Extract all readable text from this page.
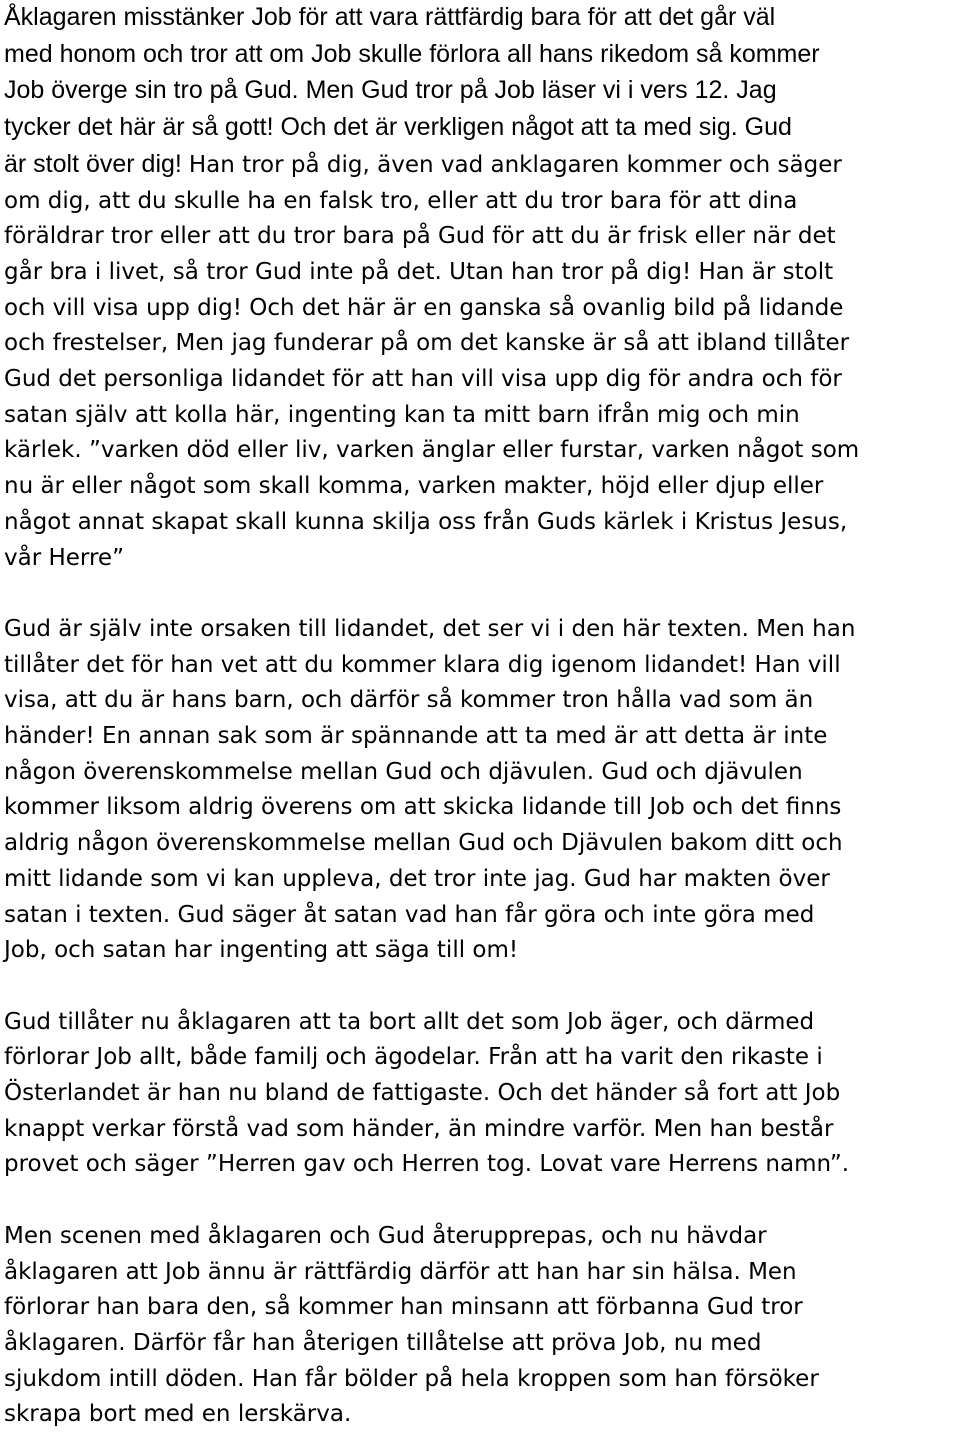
Åklagaren misstänker Job för att vara rättfärdig bara för att det går väl
med honom och tror att om Job skulle förlora all hans rikedom så kommer
Job överge sin tro på Gud. Men Gud tror på Job läser vi i vers 12. Jag
tycker det här är så gott! Och det är verkligen något att ta med sig. Gud
är stolt över dig! Han tror på dig, även vad anklagaren kommer och säger
om dig, att du skulle ha en falsk tro, eller att du tror bara för att dina
föräldrar tror eller att du tror bara på Gud för att du är frisk eller när det
går bra i livet, så tror Gud inte på det. Utan han tror på dig! Han är stolt
och vill visa upp dig! Och det här är en ganska så ovanlig bild på lidande
och frestelser, Men jag funderar på om det kanske är så att ibland tillåter
Gud det personliga lidandet för att han vill visa upp dig för andra och för
satan själv att kolla här, ingenting kan ta mitt barn ifrån mig och min
kärlek. ”varken död eller liv, varken änglar eller furstar, varken något som
nu är eller något som skall komma, varken makter, höjd eller djup eller
något annat skapat skall kunna skilja oss från Guds kärlek i Kristus Jesus,
vår Herre”
Gud är själv inte orsaken till lidandet, det ser vi i den här texten. Men han
tillåter det för han vet att du kommer klara dig igenom lidandet! Han vill
visa, att du är hans barn, och därför så kommer tron hålla vad som än
händer! En annan sak som är spännande att ta med är att detta är inte
någon överenskommelse mellan Gud och djävulen. Gud och djävulen
kommer liksom aldrig överens om att skicka lidande till Job och det finns
aldrig någon överenskommelse mellan Gud och Djävulen bakom ditt och
mitt lidande som vi kan uppleva, det tror inte jag. Gud har makten över
satan i texten. Gud säger åt satan vad han får göra och inte göra med
Job, och satan har ingenting att säga till om!
Gud tillåter nu åklagaren att ta bort allt det som Job äger, och därmed
förlorar Job allt, både familj och ägodelar. Från att ha varit den rikaste i
Österlandet är han nu bland de fattigaste. Och det händer så fort att Job
knappt verkar förstå vad som händer, än mindre varför. Men han består
provet och säger ”Herren gav och Herren tog. Lovat vare Herrens namn”.
Men scenen med åklagaren och Gud återupprepas, och nu hävdar
åklagaren att Job ännu är rättfärdig därför att han har sin hälsa. Men
förlorar han bara den, så kommer han minsann att förbanna Gud tror
åklagaren. Därför får han återigen tillåtelse att pröva Job, nu med
sjukdom intill döden. Han får bölder på hela kroppen som han försöker
skrapa bort med en lerskärva.
